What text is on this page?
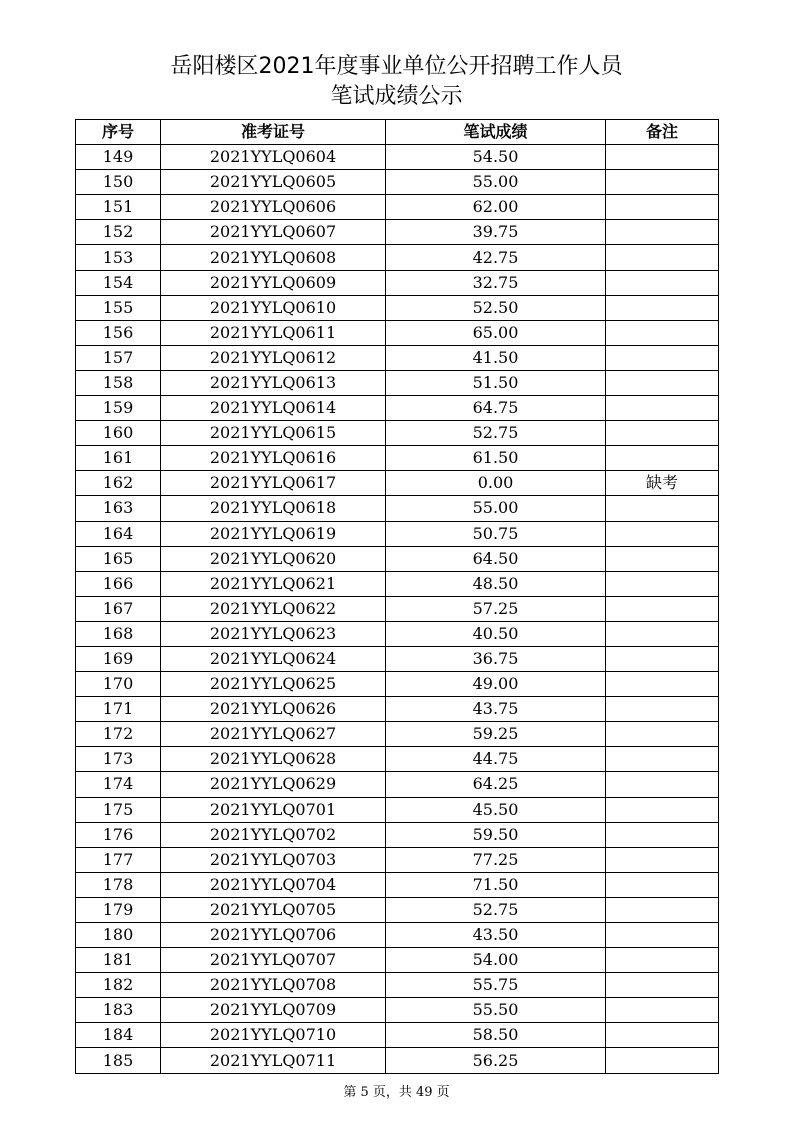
岳阳楼区2021年度事业单位公开招聘工作人员
笔试成绩公示
序号	准考证号	笔试成绩	备注
149	2021YYLQ0604	54.50	
150	2021YYLQ0605	55.00	
151	2021YYLQ0606	62.00	
152	2021YYLQ0607	39.75	
153	2021YYLQ0608	42.75	
154	2021YYLQ0609	32.75	
155	2021YYLQ0610	52.50	
156	2021YYLQ0611	65.00	
157	2021YYLQ0612	41.50	
158	2021YYLQ0613	51.50	
159	2021YYLQ0614	64.75	
160	2021YYLQ0615	52.75	
161	2021YYLQ0616	61.50	
162	2021YYLQ0617	0.00	缺考
163	2021YYLQ0618	55.00	
164	2021YYLQ0619	50.75	
165	2021YYLQ0620	64.50	
166	2021YYLQ0621	48.50	
167	2021YYLQ0622	57.25	
168	2021YYLQ0623	40.50	
169	2021YYLQ0624	36.75	
170	2021YYLQ0625	49.00	
171	2021YYLQ0626	43.75	
172	2021YYLQ0627	59.25	
173	2021YYLQ0628	44.75	
174	2021YYLQ0629	64.25	
175	2021YYLQ0701	45.50	
176	2021YYLQ0702	59.50	
177	2021YYLQ0703	77.25	
178	2021YYLQ0704	71.50	
179	2021YYLQ0705	52.75	
180	2021YYLQ0706	43.50	
181	2021YYLQ0707	54.00	
182	2021YYLQ0708	55.75	
183	2021YYLQ0709	55.50	
184	2021YYLQ0710	58.50	
185	2021YYLQ0711	56.25	
第 5 页，共 49 页
